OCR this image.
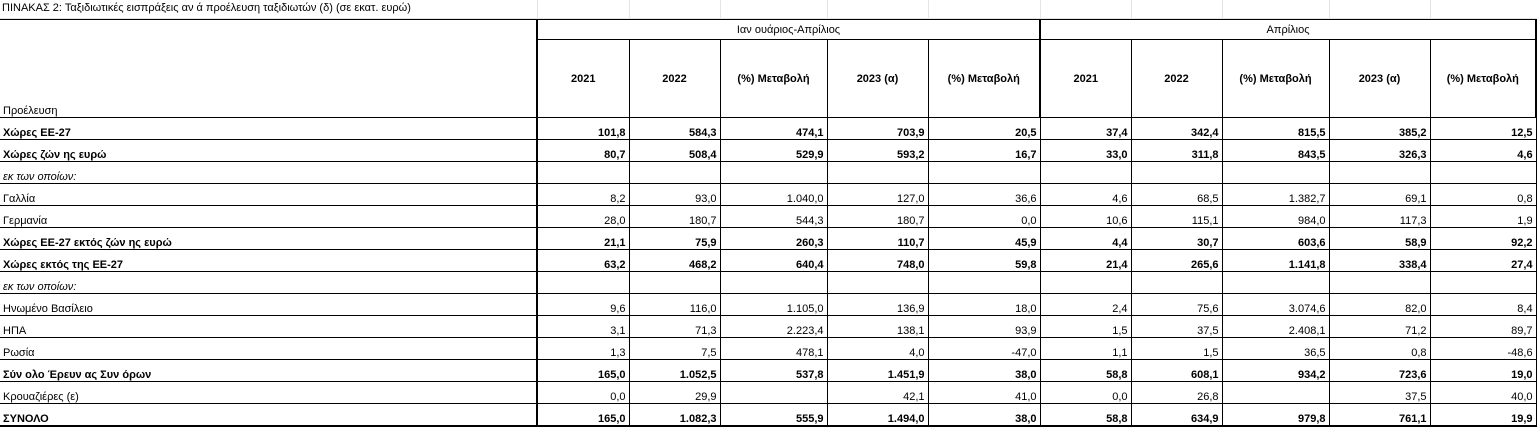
ΠΙΝΑΚΑΣ 2: Ταξιδιωτικές εισπράξεις αν ά προέλευση ταξιδιωτών (δ) (σε εκατ. ευρώ)
	Ιαν ουάριος-Απρίλιος					Απρίλιος				
Προέλευση	2021	2022	(%) Μεταβολή	2023 (α)	(%) Μεταβολή	2021	2022	(%) Μεταβολή	2023 (α)	(%) Μεταβολή
Χώρες ΕΕ-27	101,8	584,3	474,1	703,9	20,5	37,4	342,4	815,5	385,2	12,5
Χώρες ζών ης ευρώ	80,7	508,4	529,9	593,2	16,7	33,0	311,8	843,5	326,3	4,6
εκ των οποίων:										
Γαλλία	8,2	93,0	1.040,0	127,0	36,6	4,6	68,5	1.382,7	69,1	0,8
Γερμανία	28,0	180,7	544,3	180,7	0,0	10,6	115,1	984,0	117,3	1,9
Χώρες ΕΕ-27 εκτός ζών ης ευρώ	21,1	75,9	260,3	110,7	45,9	4,4	30,7	603,6	58,9	92,2
Χώρες εκτός της ΕΕ-27	63,2	468,2	640,4	748,0	59,8	21,4	265,6	1.141,8	338,4	27,4
εκ των οποίων:										
Ηνωμένο Βασίλειο	9,6	116,0	1.105,0	136,9	18,0	2,4	75,6	3.074,6	82,0	8,4
ΗΠΑ	3,1	71,3	2.223,4	138,1	93,9	1,5	37,5	2.408,1	71,2	89,7
Ρωσία	1,3	7,5	478,1	4,0	-47,0	1,1	1,5	36,5	0,8	-48,6
Σύν ολο Έρευν ας Συν όρων	165,0	1.052,5	537,8	1.451,9	38,0	58,8	608,1	934,2	723,6	19,0
Κρουαζιέρες (ε)	0,0	29,9		42,1	41,0	0,0	26,8		37,5	40,0
ΣΥΝΟΛΟ	165,0	1.082,3	555,9	1.494,0	38,0	58,8	634,9	979,8	761,1	19,9
